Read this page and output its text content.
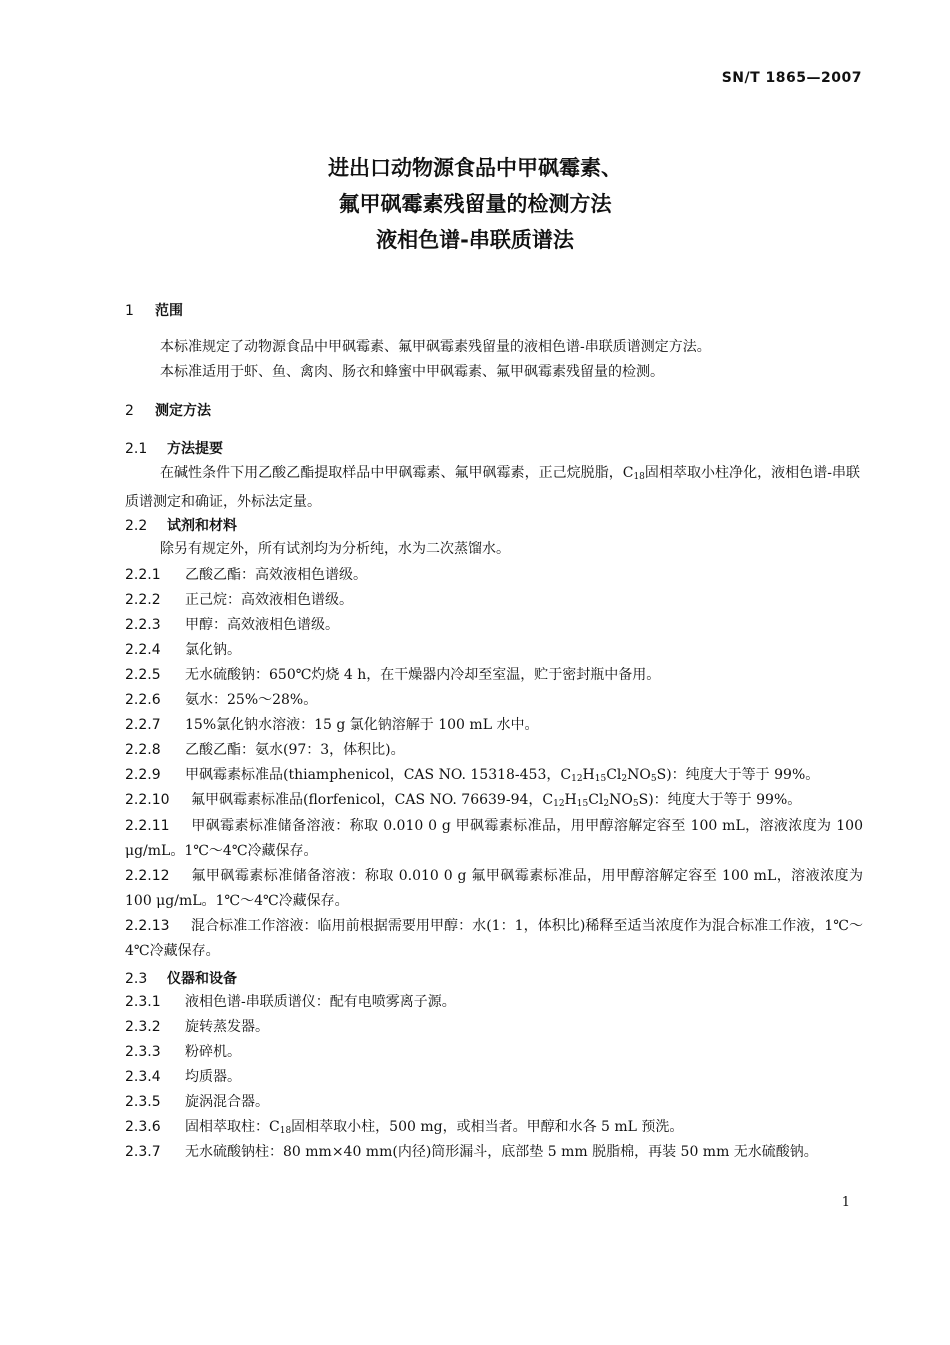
SN/T 1865—2007
进出口动物源食品中甲砜霉素、
氟甲砜霉素残留量的检测方法
液相色谱-串联质谱法
1 范围
本标准规定了动物源食品中甲砜霉素、氟甲砜霉素残留量的液相色谱-串联质谱测定方法。
本标准适用于虾、鱼、禽肉、肠衣和蜂蜜中甲砜霉素、氟甲砜霉素残留量的检测。
2 测定方法
2.1 方法提要
在碱性条件下用乙酸乙酯提取样品中甲砜霉素、氟甲砜霉素，正己烷脱脂，$C_{18}$固相萃取小柱净化，液相色谱-串联质谱测定和确证，外标法定量。
2.2 试剂和材料
除另有规定外，所有试剂均为分析纯，水为二次蒸馏水。
2.2.1 乙酸乙酯：高效液相色谱级。
2.2.2 正己烷：高效液相色谱级。
2.2.3 甲醇：高效液相色谱级。
2.2.4 氯化钠。
2.2.5 无水硫酸钠：650℃灼烧 4 h，在干燥器内冷却至室温，贮于密封瓶中备用。
2.2.6 氨水：25%～28%。
2.2.7 15%氯化钠水溶液：15 g 氯化钠溶解于 100 mL 水中。
2.2.8 乙酸乙酯：氨水(97：3，体积比)。
2.2.9 甲砜霉素标准品(thiamphenicol，CAS NO. 15318-453，$C_{12}H_{15}Cl_2NO_5S$)：纯度大于等于 99%。
2.2.10 氟甲砜霉素标准品(florfenicol，CAS NO. 76639-94，$C_{12}H_{15}Cl_2NO_5S$)：纯度大于等于 99%。
2.2.11 甲砜霉素标准储备溶液：称取 0.010 0 g 甲砜霉素标准品，用甲醇溶解定容至 100 mL，溶液浓度为 100 μg/mL。1℃～4℃冷藏保存。
2.2.12 氟甲砜霉素标准储备溶液：称取 0.010 0 g 氟甲砜霉素标准品，用甲醇溶解定容至 100 mL，溶液浓度为 100 μg/mL。1℃～4℃冷藏保存。
2.2.13 混合标准工作溶液：临用前根据需要用甲醇：水(1：1，体积比)稀释至适当浓度作为混合标准工作液，1℃～4℃冷藏保存。
2.3 仪器和设备
2.3.1 液相色谱-串联质谱仪：配有电喷雾离子源。
2.3.2 旋转蒸发器。
2.3.3 粉碎机。
2.3.4 均质器。
2.3.5 旋涡混合器。
2.3.6 固相萃取柱：$C_{18}$固相萃取小柱，500 mg，或相当者。甲醇和水各 5 mL 预洗。
2.3.7 无水硫酸钠柱：80 mm×40 mm(内径)筒形漏斗，底部垫 5 mm 脱脂棉，再装 50 mm 无水硫酸钠。
1
